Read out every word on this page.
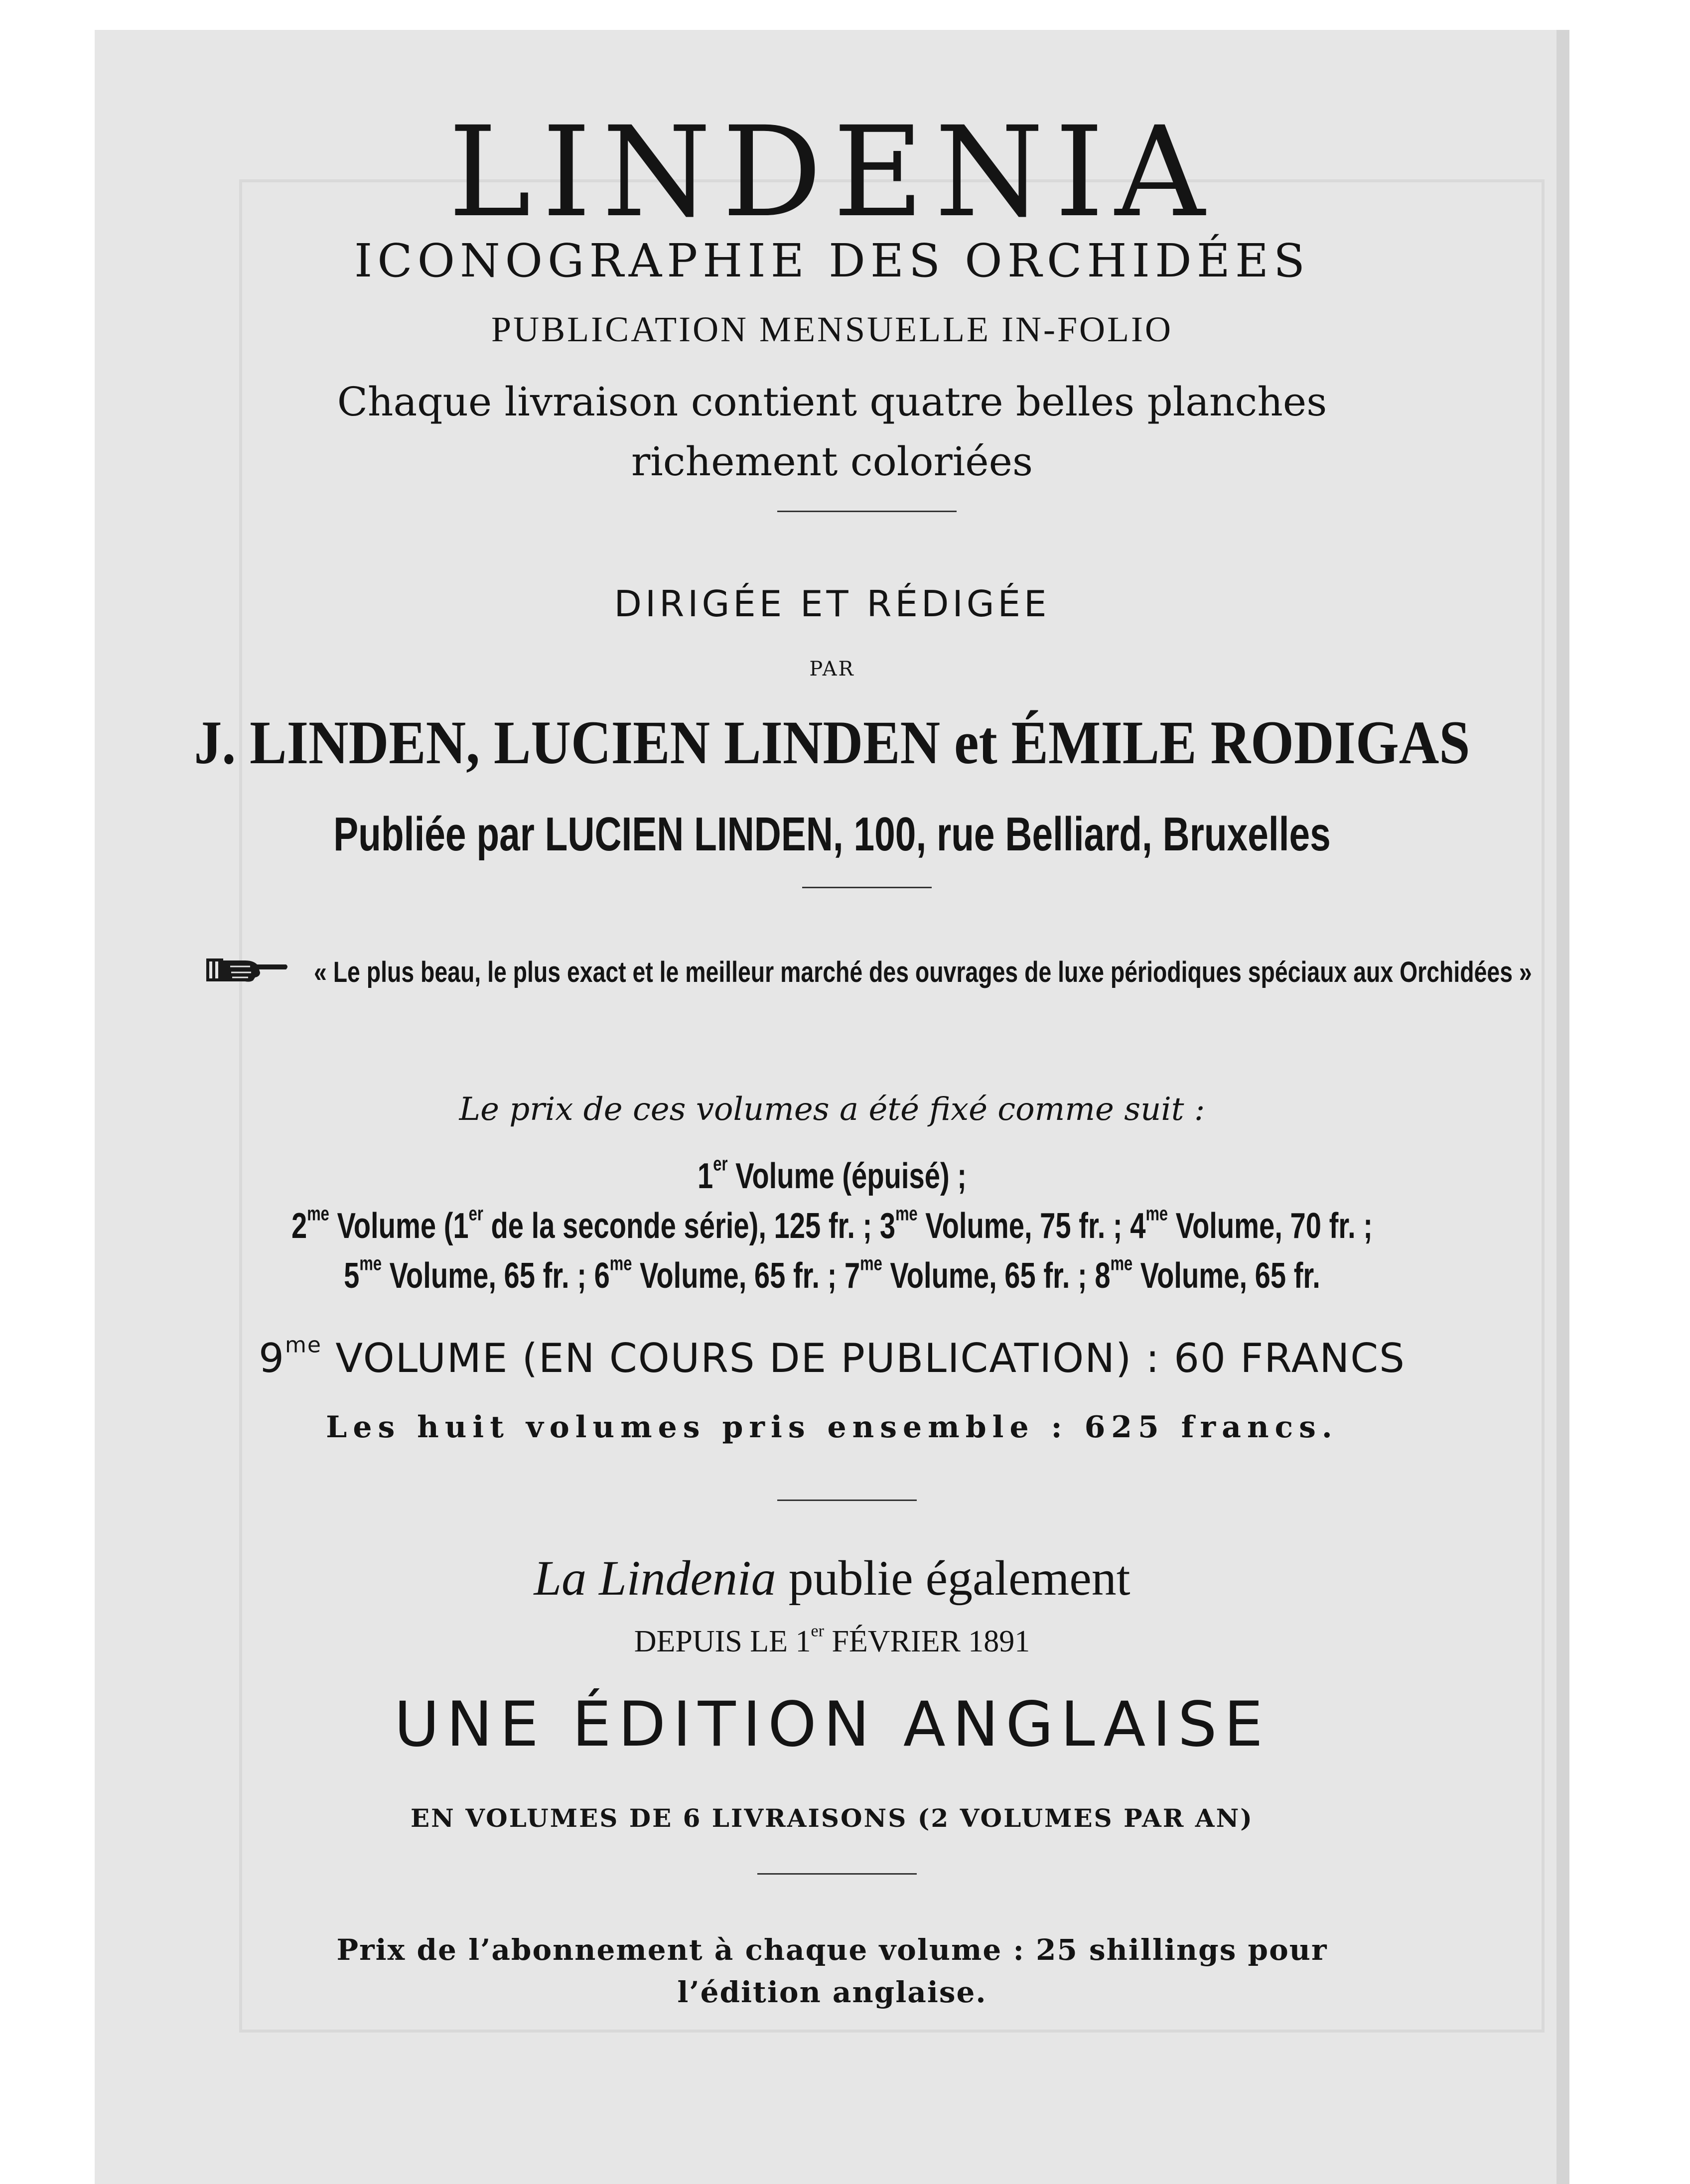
LINDENIA
ICONOGRAPHIE DES ORCHIDÉES
PUBLICATION MENSUELLE IN-FOLIO
Chaque livraison contient quatre belles planches
richement coloriées
DIRIGÉE ET RÉDIGÉE
PAR
J. LINDEN, LUCIEN LINDEN et ÉMILE RODIGAS
Publiée par LUCIEN LINDEN, 100, rue Belliard, Bruxelles
« Le plus beau, le plus exact et le meilleur marché des ouvrages de luxe périodiques spéciaux aux Orchidées »
Le prix de ces volumes a été fixé comme suit :
1er Volume (épuisé) ;
$2^{me}$ Volume (1er de la seconde série), 125 fr. ; $3^{me}$ Volume, 75 fr. ; $4^{me}$ Volume, 70 fr. ;
$5^{me}$ Volume, 65 fr. ; $6^{me}$ Volume, 65 fr. ; $7^{me}$ Volume, 65 fr. ; $8^{me}$ Volume, 65 fr.
$9^{me}$ VOLUME (EN COURS DE PUBLICATION) : 60 FRANCS
Les huit volumes pris ensemble : 625 francs.
La Lindenia publie également
DEPUIS LE 1er FÉVRIER 1891
UNE ÉDITION ANGLAISE
EN VOLUMES DE 6 LIVRAISONS (2 VOLUMES PAR AN)
Prix de l’abonnement à chaque volume : 25 shillings pour
l’édition anglaise.
